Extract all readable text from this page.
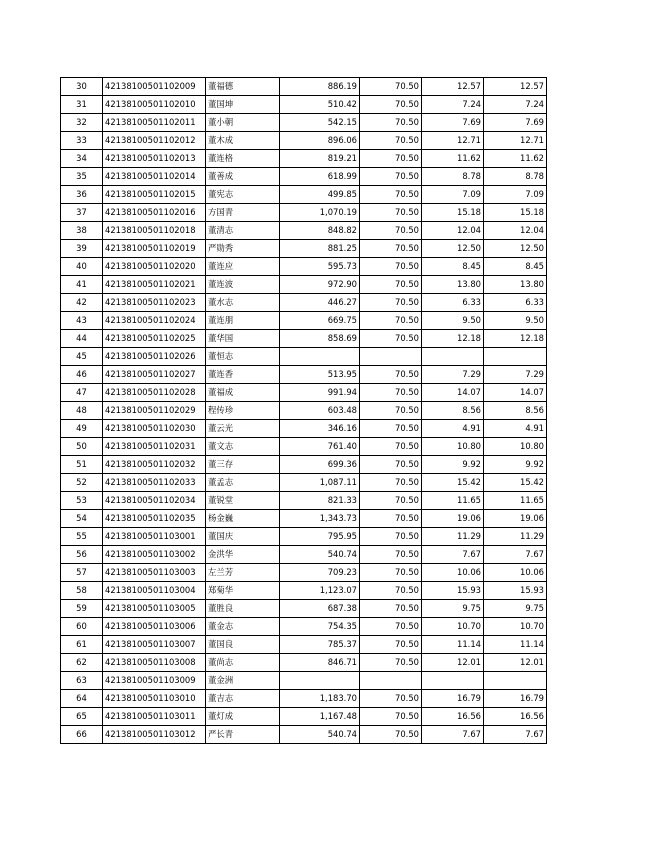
30	42138100501102009	董福德	886.19	70.50	12.57	12.57
31	42138100501102010	董国坤	510.42	70.50	7.24	7.24
32	42138100501102011	董小朝	542.15	70.50	7.69	7.69
33	42138100501102012	董木成	896.06	70.50	12.71	12.71
34	42138100501102013	董连格	819.21	70.50	11.62	11.62
35	42138100501102014	董善成	618.99	70.50	8.78	8.78
36	42138100501102015	董宪志	499.85	70.50	7.09	7.09
37	42138100501102016	方国青	1,070.19	70.50	15.18	15.18
38	42138100501102018	董清志	848.82	70.50	12.04	12.04
39	42138100501102019	严勋秀	881.25	70.50	12.50	12.50
40	42138100501102020	董连应	595.73	70.50	8.45	8.45
41	42138100501102021	董连波	972.90	70.50	13.80	13.80
42	42138100501102023	董水志	446.27	70.50	6.33	6.33
43	42138100501102024	董连朋	669.75	70.50	9.50	9.50
44	42138100501102025	董华国	858.69	70.50	12.18	12.18
45	42138100501102026	董恒志				
46	42138100501102027	董连香	513.95	70.50	7.29	7.29
47	42138100501102028	董福成	991.94	70.50	14.07	14.07
48	42138100501102029	程传珍	603.48	70.50	8.56	8.56
49	42138100501102030	董云光	346.16	70.50	4.91	4.91
50	42138100501102031	董文志	761.40	70.50	10.80	10.80
51	42138100501102032	董三存	699.36	70.50	9.92	9.92
52	42138100501102033	董孟志	1,087.11	70.50	15.42	15.42
53	42138100501102034	董锐堂	821.33	70.50	11.65	11.65
54	42138100501102035	杨金巍	1,343.73	70.50	19.06	19.06
55	42138100501103001	董国庆	795.95	70.50	11.29	11.29
56	42138100501103002	金洪华	540.74	70.50	7.67	7.67
57	42138100501103003	左兰芳	709.23	70.50	10.06	10.06
58	42138100501103004	郑菊华	1,123.07	70.50	15.93	15.93
59	42138100501103005	董胜良	687.38	70.50	9.75	9.75
60	42138100501103006	董金志	754.35	70.50	10.70	10.70
61	42138100501103007	董国良	785.37	70.50	11.14	11.14
62	42138100501103008	董尚志	846.71	70.50	12.01	12.01
63	42138100501103009	董金洲				
64	42138100501103010	董吉志	1,183.70	70.50	16.79	16.79
65	42138100501103011	董灯成	1,167.48	70.50	16.56	16.56
66	42138100501103012	严长青	540.74	70.50	7.67	7.67
